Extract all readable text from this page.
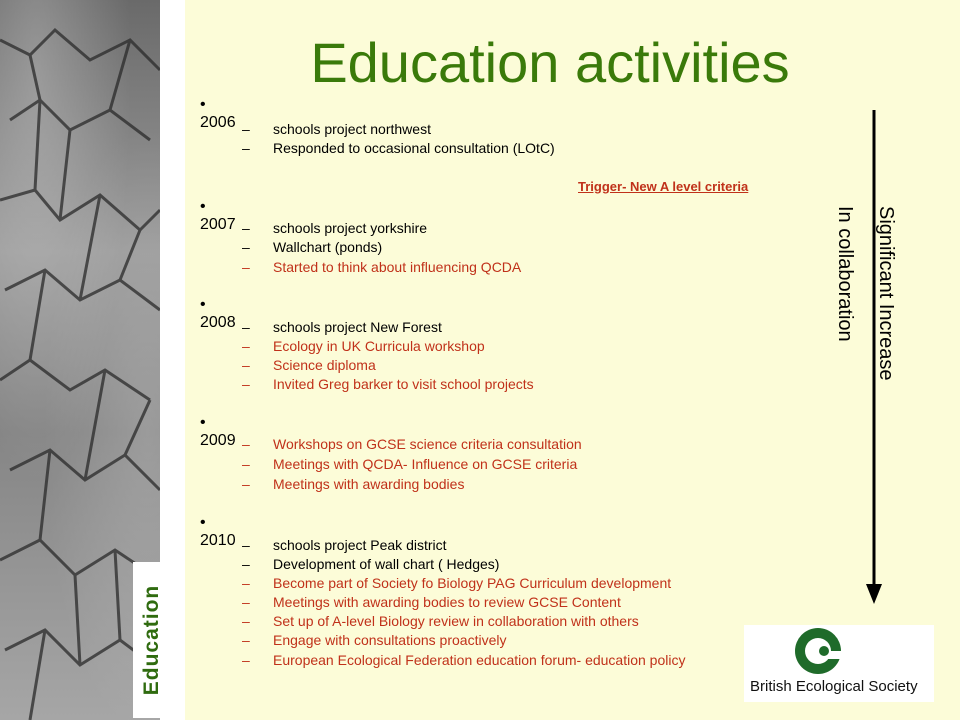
Education
Education activities
•2006 – schools project northwest
– Responded to occasional consultation (LOtC)
•2007 – schools project yorkshire
– Wallchart (ponds)
– Started to think about influencing QCDA
•2008 – schools project New Forest
– Ecology in UK Curricula workshop
– Science diploma
– Invited Greg barker to visit school projects
•2009 – Workshops on GCSE science criteria consultation
– Meetings with QCDA- Influence on GCSE criteria
– Meetings with awarding bodies
•2010 – schools project Peak district
– Development of wall chart ( Hedges)
– Become part of Society fo Biology PAG Curriculum development
– Meetings with awarding bodies to review GCSE Content
– Set up of A-level Biology review in collaboration with others
– Engage with consultations proactively
– European Ecological Federation education forum- education policy
Trigger- New A level criteria
Significant Increase
In collaboration
British Ecological Society
